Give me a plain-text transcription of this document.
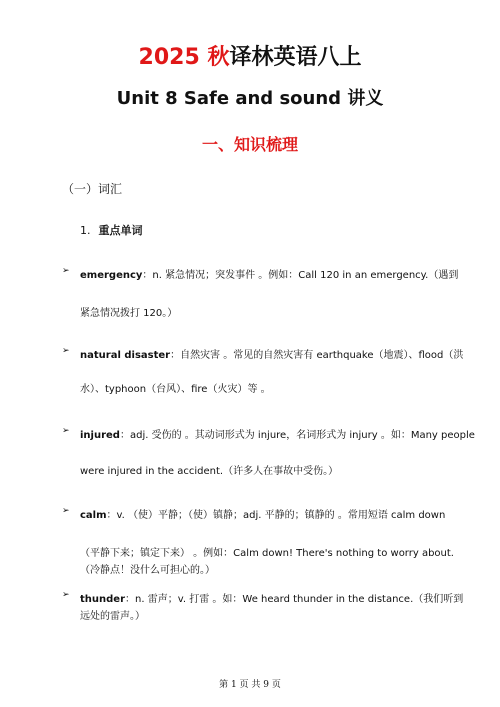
2025 秋译林英语八上
Unit 8 Safe and sound 讲义
一、知识梳理
（一）词汇
1. 重点单词
➢ emergency：n. 紧急情况；突发事件 。例如：Call 120 in an emergency.（遇到
紧急情况拨打 120。）
➢ natural disaster：自然灾害 。常见的自然灾害有 earthquake（地震）、flood（洪
水）、typhoon（台风）、fire（火灾）等 。
➢ injured：adj. 受伤的 。其动词形式为 injure，名词形式为 injury 。如：Many people
were injured in the accident.（许多人在事故中受伤。）
➢ calm：v. （使）平静；（使）镇静；adj. 平静的；镇静的 。常用短语 calm down
（平静下来；镇定下来） 。例如：Calm down! There's nothing to worry about.
（冷静点！没什么可担心的。）
➢ thunder：n. 雷声；v. 打雷 。如：We heard thunder in the distance.（我们听到
远处的雷声。）
第 1 页 共 9 页
